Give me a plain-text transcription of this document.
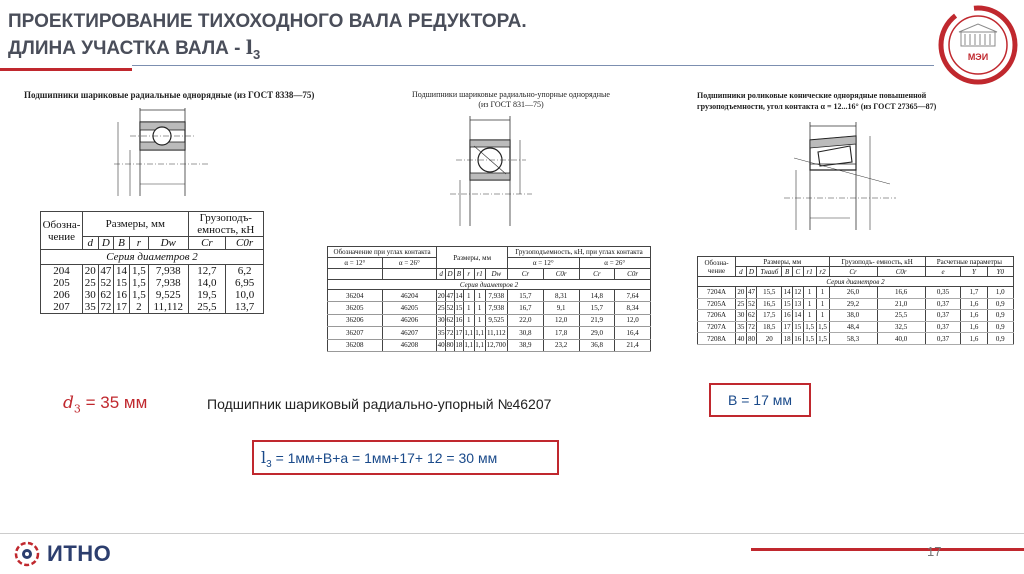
ПРОЕКТИРОВАНИЕ ТИХОХОДНОГО ВАЛА РЕДУКТОРА.
ДЛИНА УЧАСТКА ВАЛА - $l_3$	МЭИ
Подшипники шариковые радиальные однорядные (из ГОСТ 8338—75)
Обозна- чение	Размеры, мм					Грузоподъ- емность, кН	
	d	D	B	r	Dw	Cr	C0r
Серия диаметров 2							
204	20	47	14	1,5	7,938	12,7	6,2
205	25	52	15	1,5	7,938	14,0	6,95
206	30	62	16	1,5	9,525	19,5	10,0
207	35	72	17	2	11,112	25,5	13,7
Подшипники шариковые радиально-упорные однорядные
(из ГОСТ 831—75)
Обозначение при углах контакта		Размеры, мм						Грузоподъемность, кН, при углах контакта			
α = 12°	α = 26°							α = 12°		α = 26°	
		d	D	B	r	r1	Dw	Cr	C0r	Cr	C0r
Серия диаметров 2											
36204	46204	20	47	14	1	1	7,938	15,7	8,31	14,8	7,64
36205	46205	25	52	15	1	1	7,938	16,7	9,1	15,7	8,34
36206	46206	30	62	16	1	1	9,525	22,0	12,0	21,9	12,0
36207	46207	35	72	17	1,1	1,1	11,112	30,8	17,8	29,0	16,4
36208	46208	40	80	18	1,1	1,1	12,700	38,9	23,2	36,8	21,4
Подшипники роликовые конические однорядные повышенной
грузоподъемности, угол контакта α = 12...16° (из ГОСТ 27365—87)
Обозна- чение	Размеры, мм							Грузоподъ- емность, кН		Расчетные параметры		
	d	D	Tнаиб	B	C	r1	r2	Cr	C0r	e	Y	Y0
Серия диаметров 2												
7204А	20	47	15,5	14	12	1	1	26,0	16,6	0,35	1,7	1,0
7205А	25	52	16,5	15	13	1	1	29,2	21,0	0,37	1,6	0,9
7206А	30	62	17,5	16	14	1	1	38,0	25,5	0,37	1,6	0,9
7207А	35	72	18,5	17	15	1,5	1,5	48,4	32,5	0,37	1,6	0,9
7208А	40	80	20	18	16	1,5	1,5	58,3	40,0	0,37	1,6	0,9
$d_3 = 35$ мм	Подшипник шариковый радиально-упорный №46207	B = 17 мм
$l_3 = 1мм+B+a = 1мм+17+ 12 = 30$ мм
ИТНО	17
